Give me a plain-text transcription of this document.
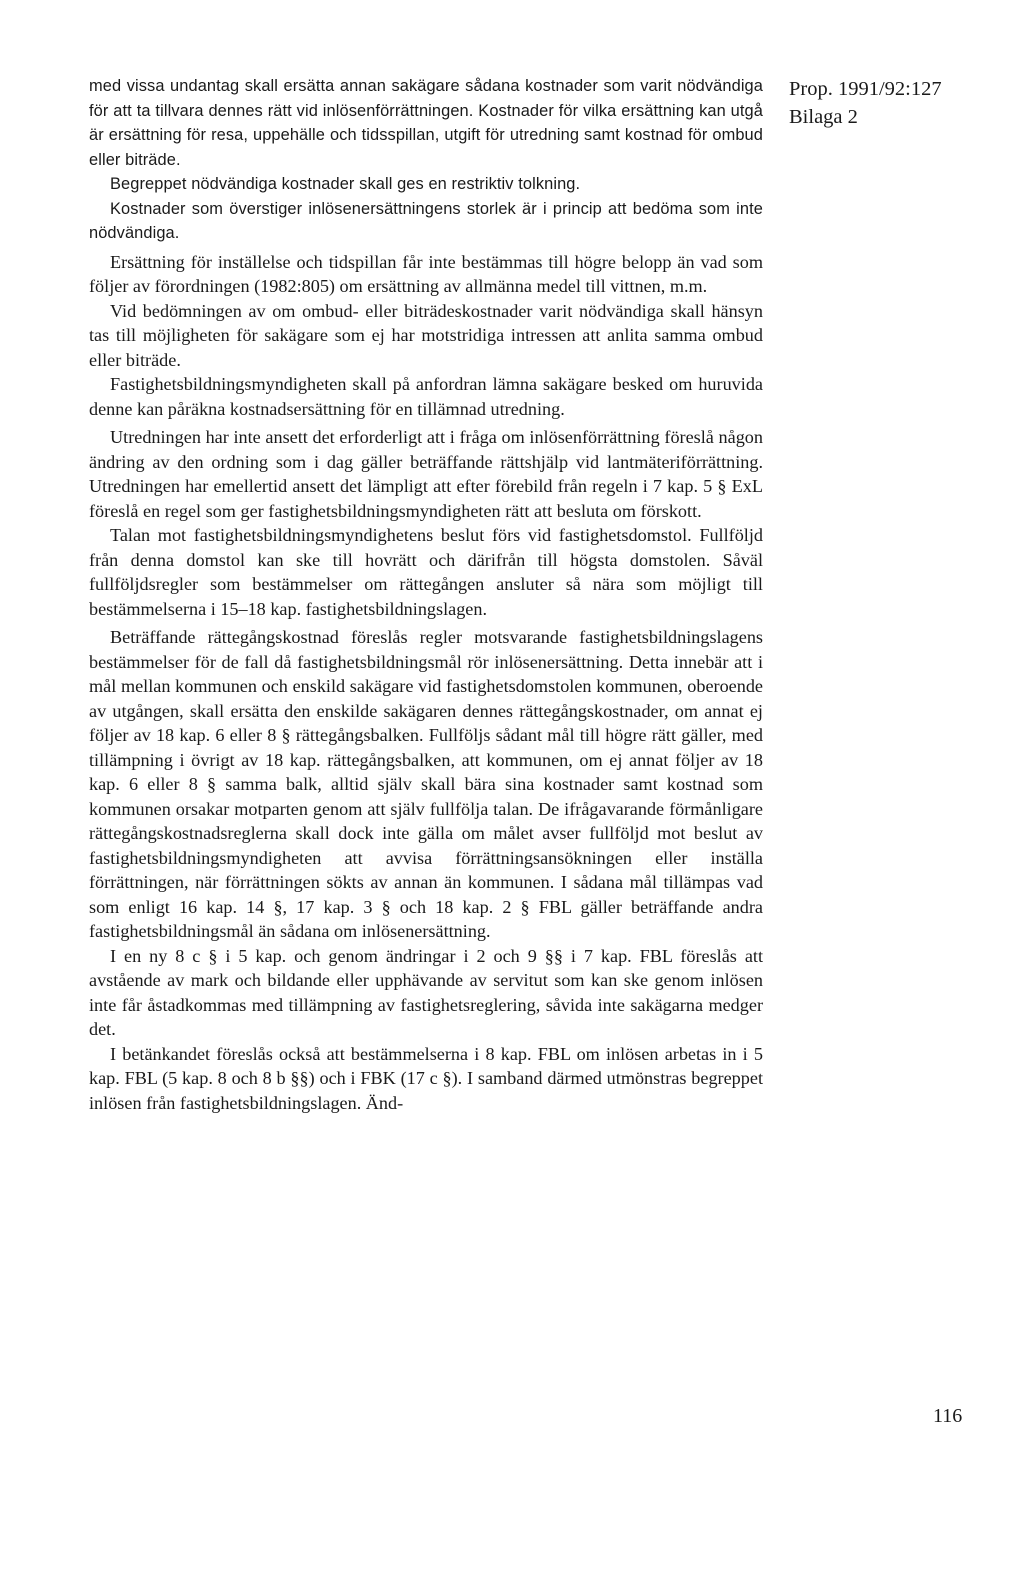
med vissa undantag skall ersätta annan sakägare sådana kostnader som varit nödvändiga för att ta tillvara dennes rätt vid inlösenförrättningen. Kostnader för vilka ersättning kan utgå är ersättning för resa, uppehälle och tidsspillan, utgift för utredning samt kostnad för ombud eller biträde.

Begreppet nödvändiga kostnader skall ges en restriktiv tolkning.

Kostnader som överstiger inlösenersättningens storlek är i princip att bedöma som inte nödvändiga.

Ersättning för inställelse och tidspillan får inte bestämmas till högre belopp än vad som följer av förordningen (1982:805) om ersättning av allmänna medel till vittnen, m.m.

Vid bedömningen av om ombud- eller biträdeskostnader varit nödvändiga skall hänsyn tas till möjligheten för sakägare som ej har motstridiga intressen att anlita samma ombud eller biträde.

Fastighetsbildningsmyndigheten skall på anfordran lämna sakägare besked om huruvida denne kan påräkna kostnadsersättning för en tillämnad utredning.

Utredningen har inte ansett det erforderligt att i fråga om inlösenförrättning föreslå någon ändring av den ordning som i dag gäller beträffande rättshjälp vid lantmäteriförrättning. Utredningen har emellertid ansett det lämpligt att efter förebild från regeln i 7 kap. 5 § ExL föreslå en regel som ger fastighetsbildningsmyndigheten rätt att besluta om förskott.

Talan mot fastighetsbildningsmyndighetens beslut förs vid fastighetsdomstol. Fullföljd från denna domstol kan ske till hovrätt och därifrån till högsta domstolen. Såväl fullföljdsregler som bestämmelser om rättegången ansluter så nära som möjligt till bestämmelserna i 15–18 kap. fastighetsbildningslagen.

Beträffande rättegångskostnad föreslås regler motsvarande fastighetsbildningslagens bestämmelser för de fall då fastighetsbildningsmål rör inlösenersättning. Detta innebär att i mål mellan kommunen och enskild sakägare vid fastighetsdomstolen kommunen, oberoende av utgången, skall ersätta den enskilde sakägaren dennes rättegångskostnader, om annat ej följer av 18 kap. 6 eller 8 § rättegångsbalken. Fullföljs sådant mål till högre rätt gäller, med tillämpning i övrigt av 18 kap. rättegångsbalken, att kommunen, om ej annat följer av 18 kap. 6 eller 8 § samma balk, alltid själv skall bära sina kostnader samt kostnad som kommunen orsakar motparten genom att själv fullfölja talan. De ifrågavarande förmånligare rättegångskostnadsreglerna skall dock inte gälla om målet avser fullföljd mot beslut av fastighetsbildningsmyndigheten att avvisa förrättningsansökningen eller inställa förrättningen, när förrättningen sökts av annan än kommunen. I sådana mål tillämpas vad som enligt 16 kap. 14 §, 17 kap. 3 § och 18 kap. 2 § FBL gäller beträffande andra fastighetsbildningsmål än sådana om inlösenersättning.

I en ny 8 c § i 5 kap. och genom ändringar i 2 och 9 §§ i 7 kap. FBL föreslås att avstående av mark och bildande eller upphävande av servitut som kan ske genom inlösen inte får åstadkommas med tillämpning av fastighetsreglering, såvida inte sakägarna medger det.

I betänkandet föreslås också att bestämmelserna i 8 kap. FBL om inlösen arbetas in i 5 kap. FBL (5 kap. 8 och 8 b §§) och i FBK (17 c §). I samband därmed utmönstras begreppet inlösen från fastighetsbildningslagen. Änd-

Prop. 1991/92:127
Bilaga 2
116
